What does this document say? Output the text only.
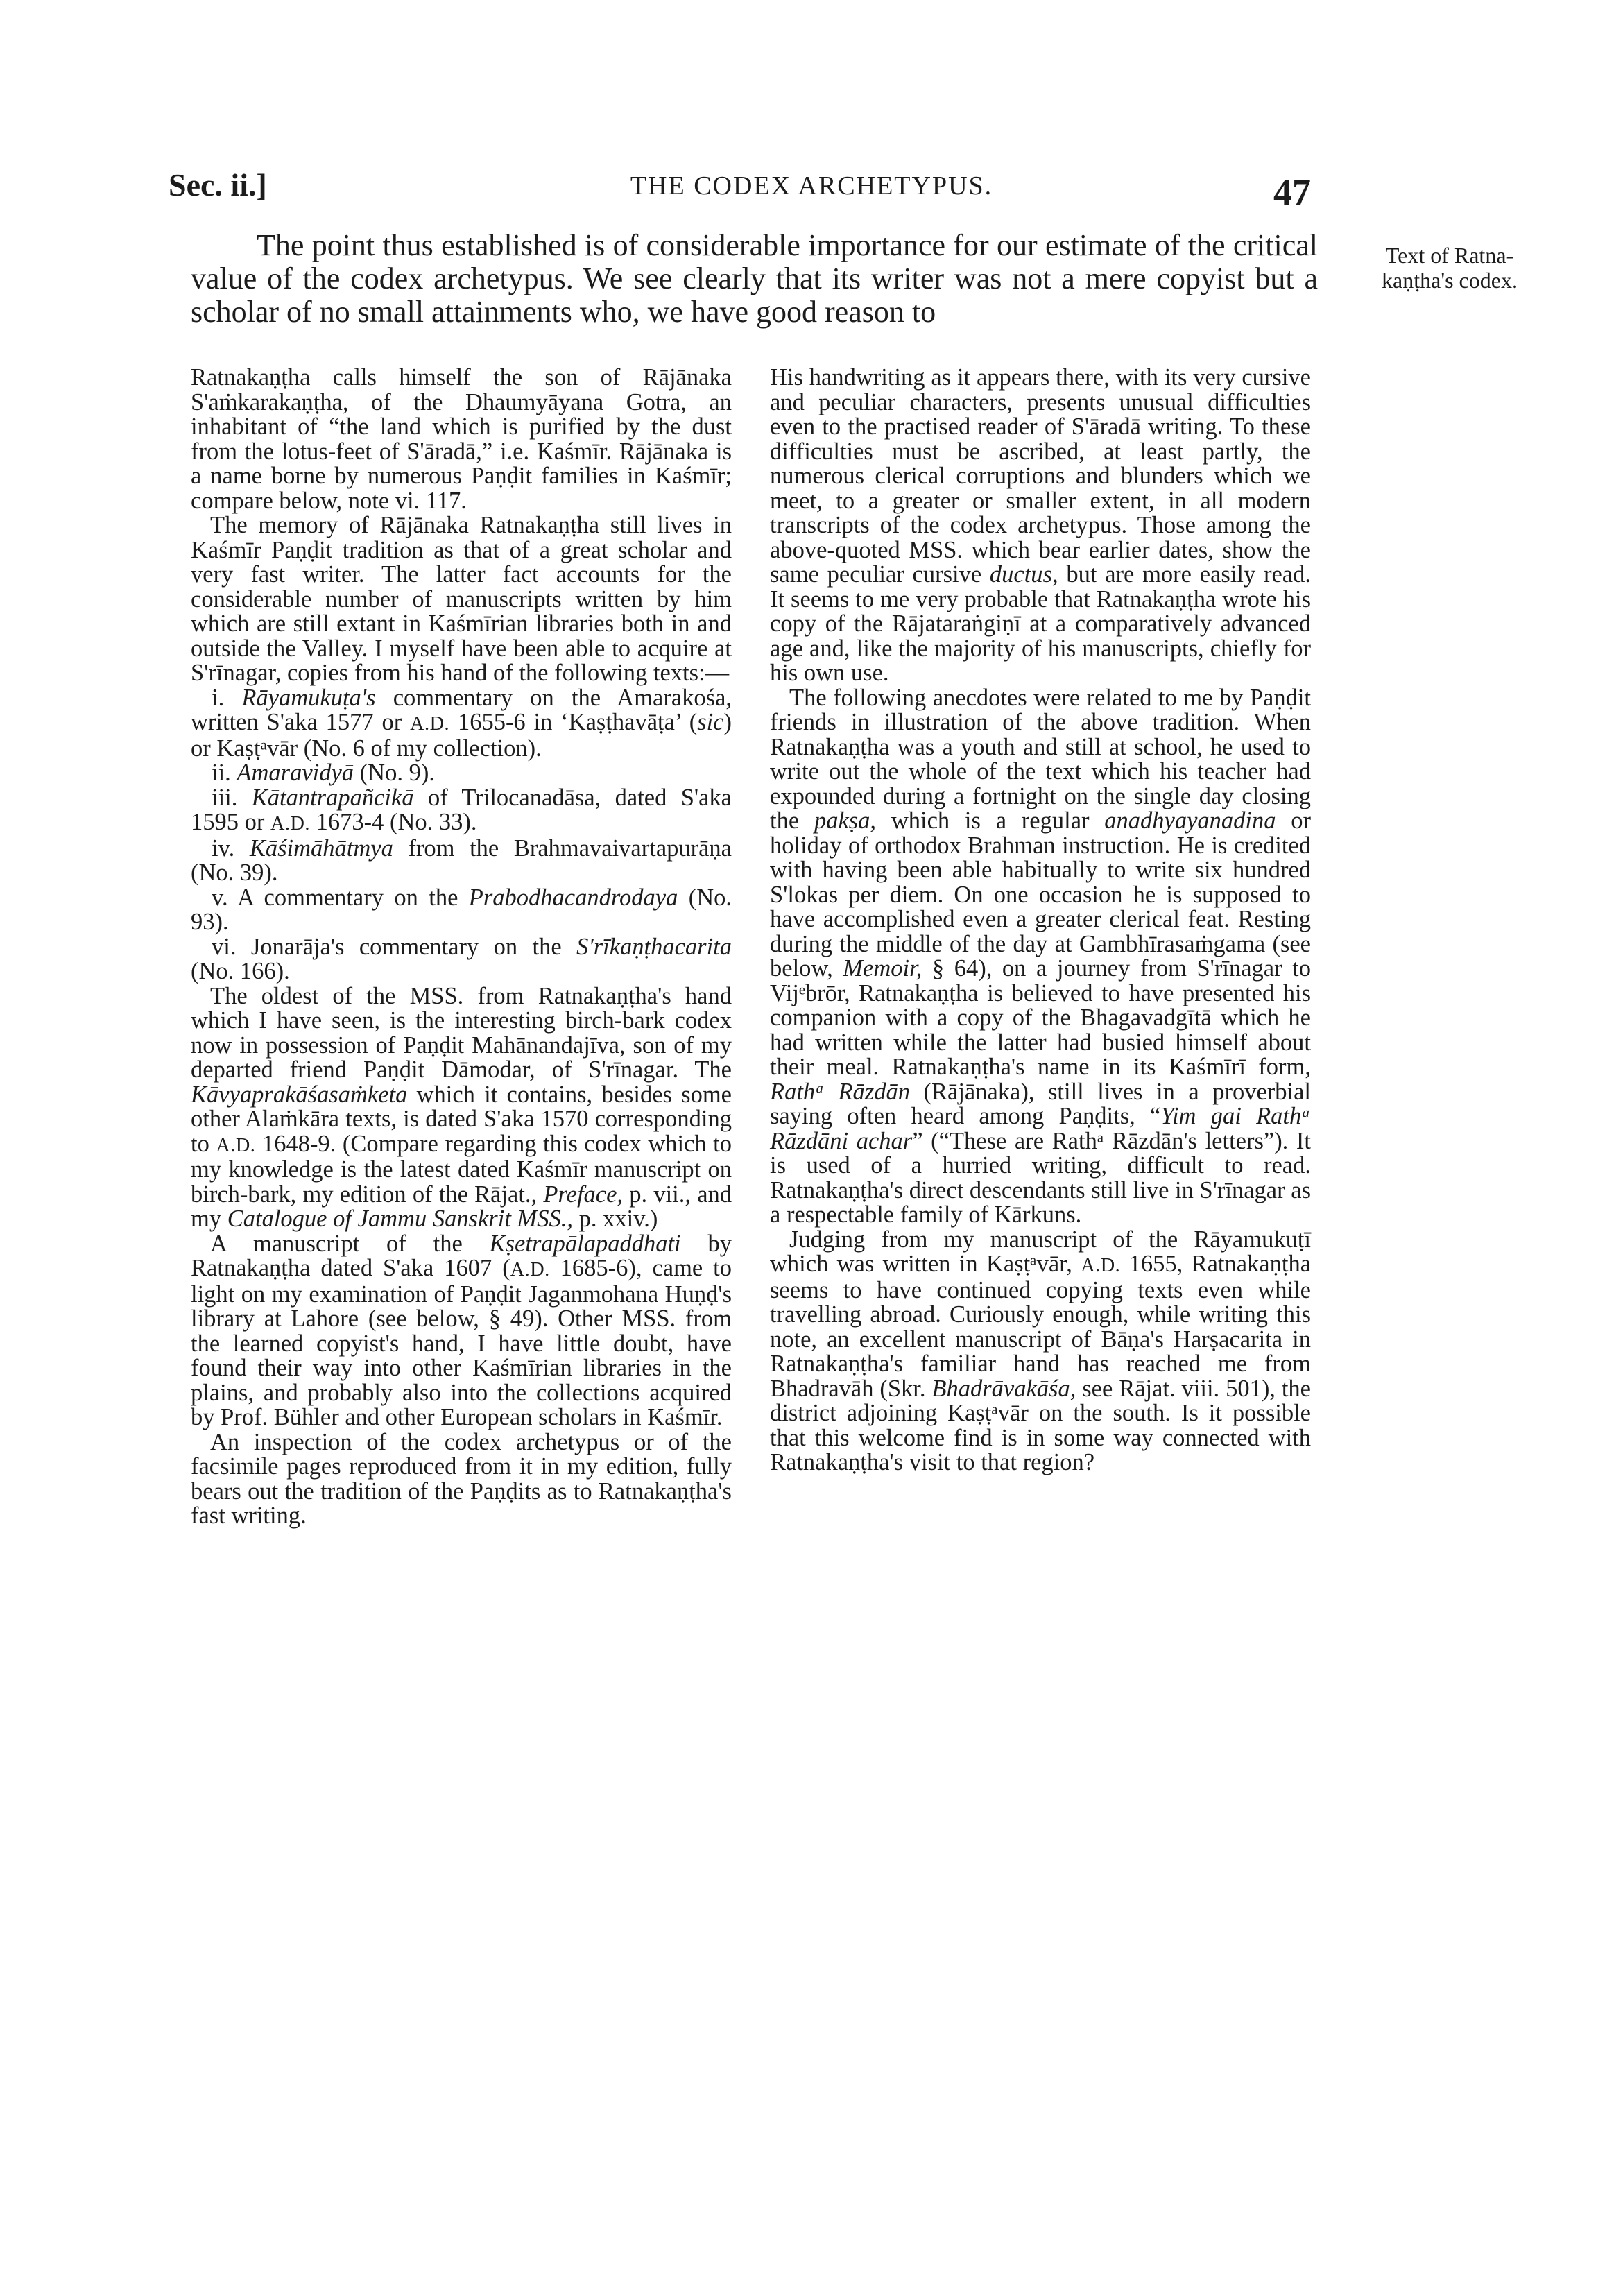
Sec. ii.]	THE CODEX ARCHETYPUS.	47

The point thus established is of considerable importance for our estimate of the critical value of the codex archetypus. We see clearly that its writer was not a mere copyist but a scholar of no small attainments who, we have good reason to

Text of Ratna-kaṇṭha's codex.

Ratnakaṇṭha calls himself the son of Rājānaka S'aṁkarakaṇṭha, of the Dhaumyāyana Gotra, an inhabitant of “the land which is purified by the dust from the lotus-feet of S'āradā,” i.e. Kaśmīr. Rājānaka is a name borne by numerous Paṇḍit families in Kaśmīr; compare below, note vi. 117.

The memory of Rājānaka Ratnakaṇṭha still lives in Kaśmīr Paṇḍit tradition as that of a great scholar and very fast writer. The latter fact accounts for the considerable number of manuscripts written by him which are still extant in Kaśmīrian libraries both in and outside the Valley. I myself have been able to acquire at S'rīnagar, copies from his hand of the following texts:—

i. Rāyamukuṭa's commentary on the Amarakośa, written S'aka 1577 or A.D. 1655-6 in ‘Kaṣṭhavāṭa’ (sic) or Kaṣṭᵃvār (No. 6 of my collection).

ii. Amaravidyā (No. 9).

iii. Kātantrapañcikā of Trilocanadāsa, dated S'aka 1595 or A.D. 1673-4 (No. 33).

iv. Kāśimāhātmya from the Brahmavaivartapurāṇa (No. 39).

v. A commentary on the Prabodhacandrodaya (No. 93).

vi. Jonarāja's commentary on the S'rīkaṇṭhacarita (No. 166).

The oldest of the MSS. from Ratnakaṇṭha's hand which I have seen, is the interesting birch-bark codex now in possession of Paṇḍit Mahānandajīva, son of my departed friend Paṇḍit Dāmodar, of S'rīnagar. The Kāvyaprakāśasaṁketa which it contains, besides some other Alaṁkāra texts, is dated S'aka 1570 corresponding to A.D. 1648-9. (Compare regarding this codex which to my knowledge is the latest dated Kaśmīr manuscript on birch-bark, my edition of the Rājat., Preface, p. vii., and my Catalogue of Jammu Sanskrit MSS., p. xxiv.)

A manuscript of the Kṣetrapālapaddhati by Ratnakaṇṭha dated S'aka 1607 (A.D. 1685-6), came to light on my examination of Paṇḍit Jaganmohana Huṇḍ's library at Lahore (see below, § 49). Other MSS. from the learned copyist's hand, I have little doubt, have found their way into other Kaśmīrian libraries in the plains, and probably also into the collections acquired by Prof. Bühler and other European scholars in Kaśmīr.

An inspection of the codex archetypus or of the facsimile pages reproduced from it in my edition, fully bears out the tradition of the Paṇḍits as to Ratnakaṇṭha's fast writing.

His handwriting as it appears there, with its very cursive and peculiar characters, presents unusual difficulties even to the practised reader of S'āradā writing. To these difficulties must be ascribed, at least partly, the numerous clerical corruptions and blunders which we meet, to a greater or smaller extent, in all modern transcripts of the codex archetypus. Those among the above-quoted MSS. which bear earlier dates, show the same peculiar cursive ductus, but are more easily read. It seems to me very probable that Ratnakaṇṭha wrote his copy of the Rājataraṅgiṇī at a comparatively advanced age and, like the majority of his manuscripts, chiefly for his own use.

The following anecdotes were related to me by Paṇḍit friends in illustration of the above tradition. When Ratnakaṇṭha was a youth and still at school, he used to write out the whole of the text which his teacher had expounded during a fortnight on the single day closing the pakṣa, which is a regular anadhyayanadina or holiday of orthodox Brahman instruction. He is credited with having been able habitually to write six hundred S'lokas per diem. On one occasion he is supposed to have accomplished even a greater clerical feat. Resting during the middle of the day at Gambhīrasaṁgama (see below, Memoir, § 64), on a journey from S'rīnagar to Vijᵉbrōr, Ratnakaṇṭha is believed to have presented his companion with a copy of the Bhagavadgītā which he had written while the latter had busied himself about their meal. Ratnakaṇṭha's name in its Kaśmīrī form, Rathᵃ Rāzdān (Rājānaka), still lives in a proverbial saying often heard among Paṇḍits, “Yim gai Rathᵃ Rāzdāni achar” (“These are Rathᵃ Rāzdān's letters”). It is used of a hurried writing, difficult to read. Ratnakaṇṭha's direct descendants still live in S'rīnagar as a respectable family of Kārkuns.

Judging from my manuscript of the Rāyamukuṭī which was written in Kaṣṭᵃvār, A.D. 1655, Ratnakaṇṭha seems to have continued copying texts even while travelling abroad. Curiously enough, while writing this note, an excellent manuscript of Bāṇa's Harṣacarita in Ratnakaṇṭha's familiar hand has reached me from Bhadravāh (Skr. Bhadrāvakāśa, see Rājat. viii. 501), the district adjoining Kaṣṭᵃvār on the south. Is it possible that this welcome find is in some way connected with Ratnakaṇṭha's visit to that region?
